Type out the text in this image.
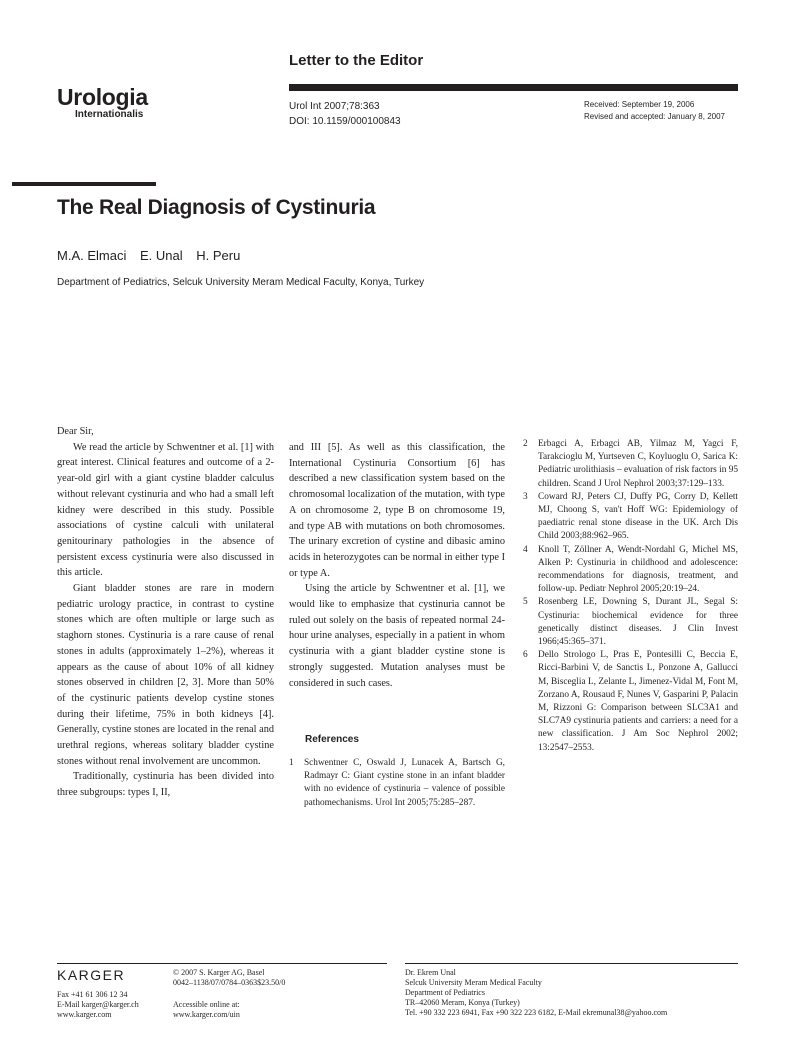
Letter to the Editor
Urologia
Internationalis
Urol Int 2007;78:363
DOI: 10.1159/000100843
Received: September 19, 2006
Revised and accepted: January 8, 2007
The Real Diagnosis of Cystinuria
M.A. Elmaci E. Unal H. Peru
Department of Pediatrics, Selcuk University Meram Medical Faculty, Konya, Turkey

Dear Sir,

We read the article by Schwentner et al. [1] with great interest. Clinical features and outcome of a 2-year-old girl with a giant cystine bladder calculus without relevant cystinuria and who had a small left kidney were described in this study. Possible associations of cystine calculi with unilateral genitourinary pathologies in the absence of persistent excess cystinuria were also discussed in this article.

Giant bladder stones are rare in modern pediatric urology practice, in contrast to cystine stones which are often multiple or large such as staghorn stones. Cystinuria is a rare cause of renal stones in adults (approximately 1–2%), whereas it appears as the cause of about 10% of all kidney stones observed in children [2, 3]. More than 50% of the cystinuric patients develop cystine stones during their lifetime, 75% in both kidneys [4]. Generally, cystine stones are located in the renal and urethral regions, whereas solitary bladder cystine stones without renal involvement are uncommon.

Traditionally, cystinuria has been divided into three subgroups: types I, II,

and III [5]. As well as this classification, the International Cystinuria Consortium [6] has described a new classification system based on the chromosomal localization of the mutation, with type A on chromosome 2, type B on chromosome 19, and type AB with mutations on both chromosomes. The urinary excretion of cystine and dibasic amino acids in heterozygotes can be normal in either type I or type A.

Using the article by Schwentner et al. [1], we would like to emphasize that cystinuria cannot be ruled out solely on the basis of repeated normal 24-hour urine analyses, especially in a patient in whom cystinuria with a giant bladder cystine stone is strongly suggested. Mutation analyses must be considered in such cases.

References
1	Schwentner C, Oswald J, Lunacek A, Bartsch G, Radmayr C: Giant cystine stone in an infant bladder with no evidence of cystinuria – valence of possible pathomechanisms. Urol Int 2005;75:285–287.
2	Erbagci A, Erbagci AB, Yilmaz M, Yagci F, Tarakcioglu M, Yurtseven C, Koyluoglu O, Sarica K: Pediatric urolithiasis – evaluation of risk factors in 95 children. Scand J Urol Nephrol 2003;37:129–133.
3	Coward RJ, Peters CJ, Duffy PG, Corry D, Kellett MJ, Choong S, van't Hoff WG: Epidemiology of paediatric renal stone disease in the UK. Arch Dis Child 2003;88:962–965.
4	Knoll T, Zöllner A, Wendt-Nordahl G, Michel MS, Alken P: Cystinuria in childhood and adolescence: recommendations for diagnosis, treatment, and follow-up. Pediatr Nephrol 2005;20:19–24.
5	Rosenberg LE, Downing S, Durant JL, Segal S: Cystinuria: biochemical evidence for three genetically distinct diseases. J Clin Invest 1966;45:365–371.
6	Dello Strologo L, Pras E, Pontesilli C, Beccia E, Ricci-Barbini V, de Sanctis L, Ponzone A, Gallucci M, Bisceglia L, Zelante L, Jimenez-Vidal M, Font M, Zorzano A, Rousaud F, Nunes V, Gasparini P, Palacin M, Rizzoni G: Comparison between SLC3A1 and SLC7A9 cystinuria patients and carriers: a need for a new classification. J Am Soc Nephrol 2002; 13:2547–2553.
KARGER
Fax +41 61 306 12 34
E-Mail karger@karger.ch
www.karger.com
© 2007 S. Karger AG, Basel
0042–1138/07/0784–0363$23.50/0
Accessible online at:
www.karger.com/uin
Dr. Ekrem Unal
Selcuk University Meram Medical Faculty
Department of Pediatrics
TR–42060 Meram, Konya (Turkey)
Tel. +90 332 223 6941, Fax +90 322 223 6182, E-Mail ekremunal38@yahoo.com
